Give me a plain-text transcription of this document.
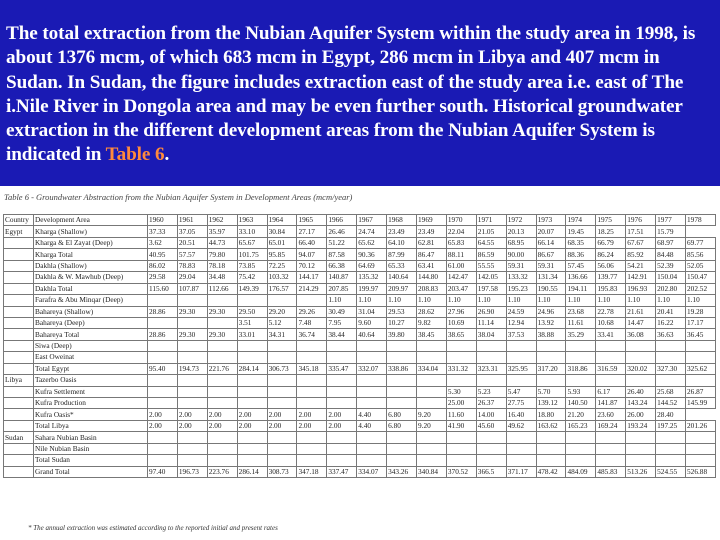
The total extraction from the Nubian Aquifer System within the study area in 1998, is about 1376 mcm, of which 683 mcm in Egypt, 286 mcm in Libya and 407 mcm in Sudan. In Sudan, the figure includes extraction east of the study area i.e. east of The i.Nile River in Dongola area and may be even further south. Historical groundwater extraction in the different development areas from the Nubian Aquifer System is indicated in Table 6.

Table 6 - Groundwater Abstraction from the Nubian Aquifer System in Development Areas (mcm/year)
Country	Development Area	1960	1961	1962	1963	1964	1965	1966	1967	1968	1969	1970	1971	1972	1973	1974	1975	1976	1977	1978
Egypt	Kharga (Shallow)	37.33	37.05	35.97	33.10	30.84	27.17	26.46	24.74	23.49	23.49	22.04	21.05	20.13	20.07	19.45	18.25	17.51	15.79	
	Kharga & El Zayat (Deep)	3.62	20.51	44.73	65.67	65.01	66.40	51.22	65.62	64.10	62.81	65.83	64.55	68.95	66.14	68.35	66.79	67.67	68.97	69.77
	Kharga Total	40.95	57.57	79.80	101.75	95.85	94.07	87.58	90.36	87.99	86.47	88.11	86.59	90.00	86.67	88.36	86.24	85.92	84.48	85.56
	Dakhla (Shallow)	86.02	78.83	78.18	73.85	72.25	70.12	66.38	64.69	65.33	63.41	61.00	55.55	59.31	59.31	57.45	56.06	54.21	52.39	52.05
	Dakhla & W. Mawhub (Deep)	29.58	29.04	34.48	75.42	103.32	144.17	140.87	135.32	140.64	144.80	142.47	142.05	133.32	131.34	136.66	139.77	142.91	150.04	150.47
	Dakhla Total	115.60	107.87	112.66	149.39	176.57	214.29	207.85	199.97	209.97	208.83	203.47	197.58	195.23	190.55	194.11	195.83	196.93	202.80	202.52
	Farafra & Abu Minqar (Deep)							1.10	1.10	1.10	1.10	1.10	1.10	1.10	1.10	1.10	1.10	1.10	1.10	1.10
	Bahareya (Shallow)	28.86	29.30	29.30	29.50	29.20	29.26	30.49	31.04	29.53	28.62	27.96	26.90	24.59	24.96	23.68	22.78	21.61	20.41	19.28
	Bahareya (Deep)				3.51	5.12	7.48	7.95	9.60	10.27	9.82	10.69	11.14	12.94	13.92	11.61	10.68	14.47	16.22	17.17
	Bahareya Total	28.86	29.30	29.30	33.01	34.31	36.74	38.44	40.64	39.80	38.45	38.65	38.04	37.53	38.88	35.29	33.41	36.08	36.63	36.45
	Siwa (Deep)																			
	East Oweinat																			
	Total Egypt	95.40	194.73	221.76	284.14	306.73	345.18	335.47	332.07	338.86	334.04	331.32	323.31	325.95	317.20	318.86	316.59	320.02	327.30	325.62
Libya	Tazerbo Oasis																			
	Kufra Settlement											5.30	5.23	5.47	5.70	5.93	6.17	26.40	25.68	26.87
	Kufra Production											25.00	26.37	27.75	139.12	140.50	141.87	143.24	144.52	145.99
	Kufra Oasis*	2.00	2.00	2.00	2.00	2.00	2.00	2.00	4.40	6.80	9.20	11.60	14.00	16.40	18.80	21.20	23.60	26.00	28.40	
	Total Libya	2.00	2.00	2.00	2.00	2.00	2.00	2.00	4.40	6.80	9.20	41.90	45.60	49.62	163.62	165.23	169.24	193.24	197.25	201.26
Sudan	Sahara Nubian Basin																			
	Nile Nubian Basin																			
	Total Sudan																			
	Grand Total	97.40	196.73	223.76	286.14	308.73	347.18	337.47	334.07	343.26	340.84	370.52	366.5	371.17	478.42	484.09	485.83	513.26	524.55	526.88
* The annual extraction was estimated according to the reported initial and present rates
